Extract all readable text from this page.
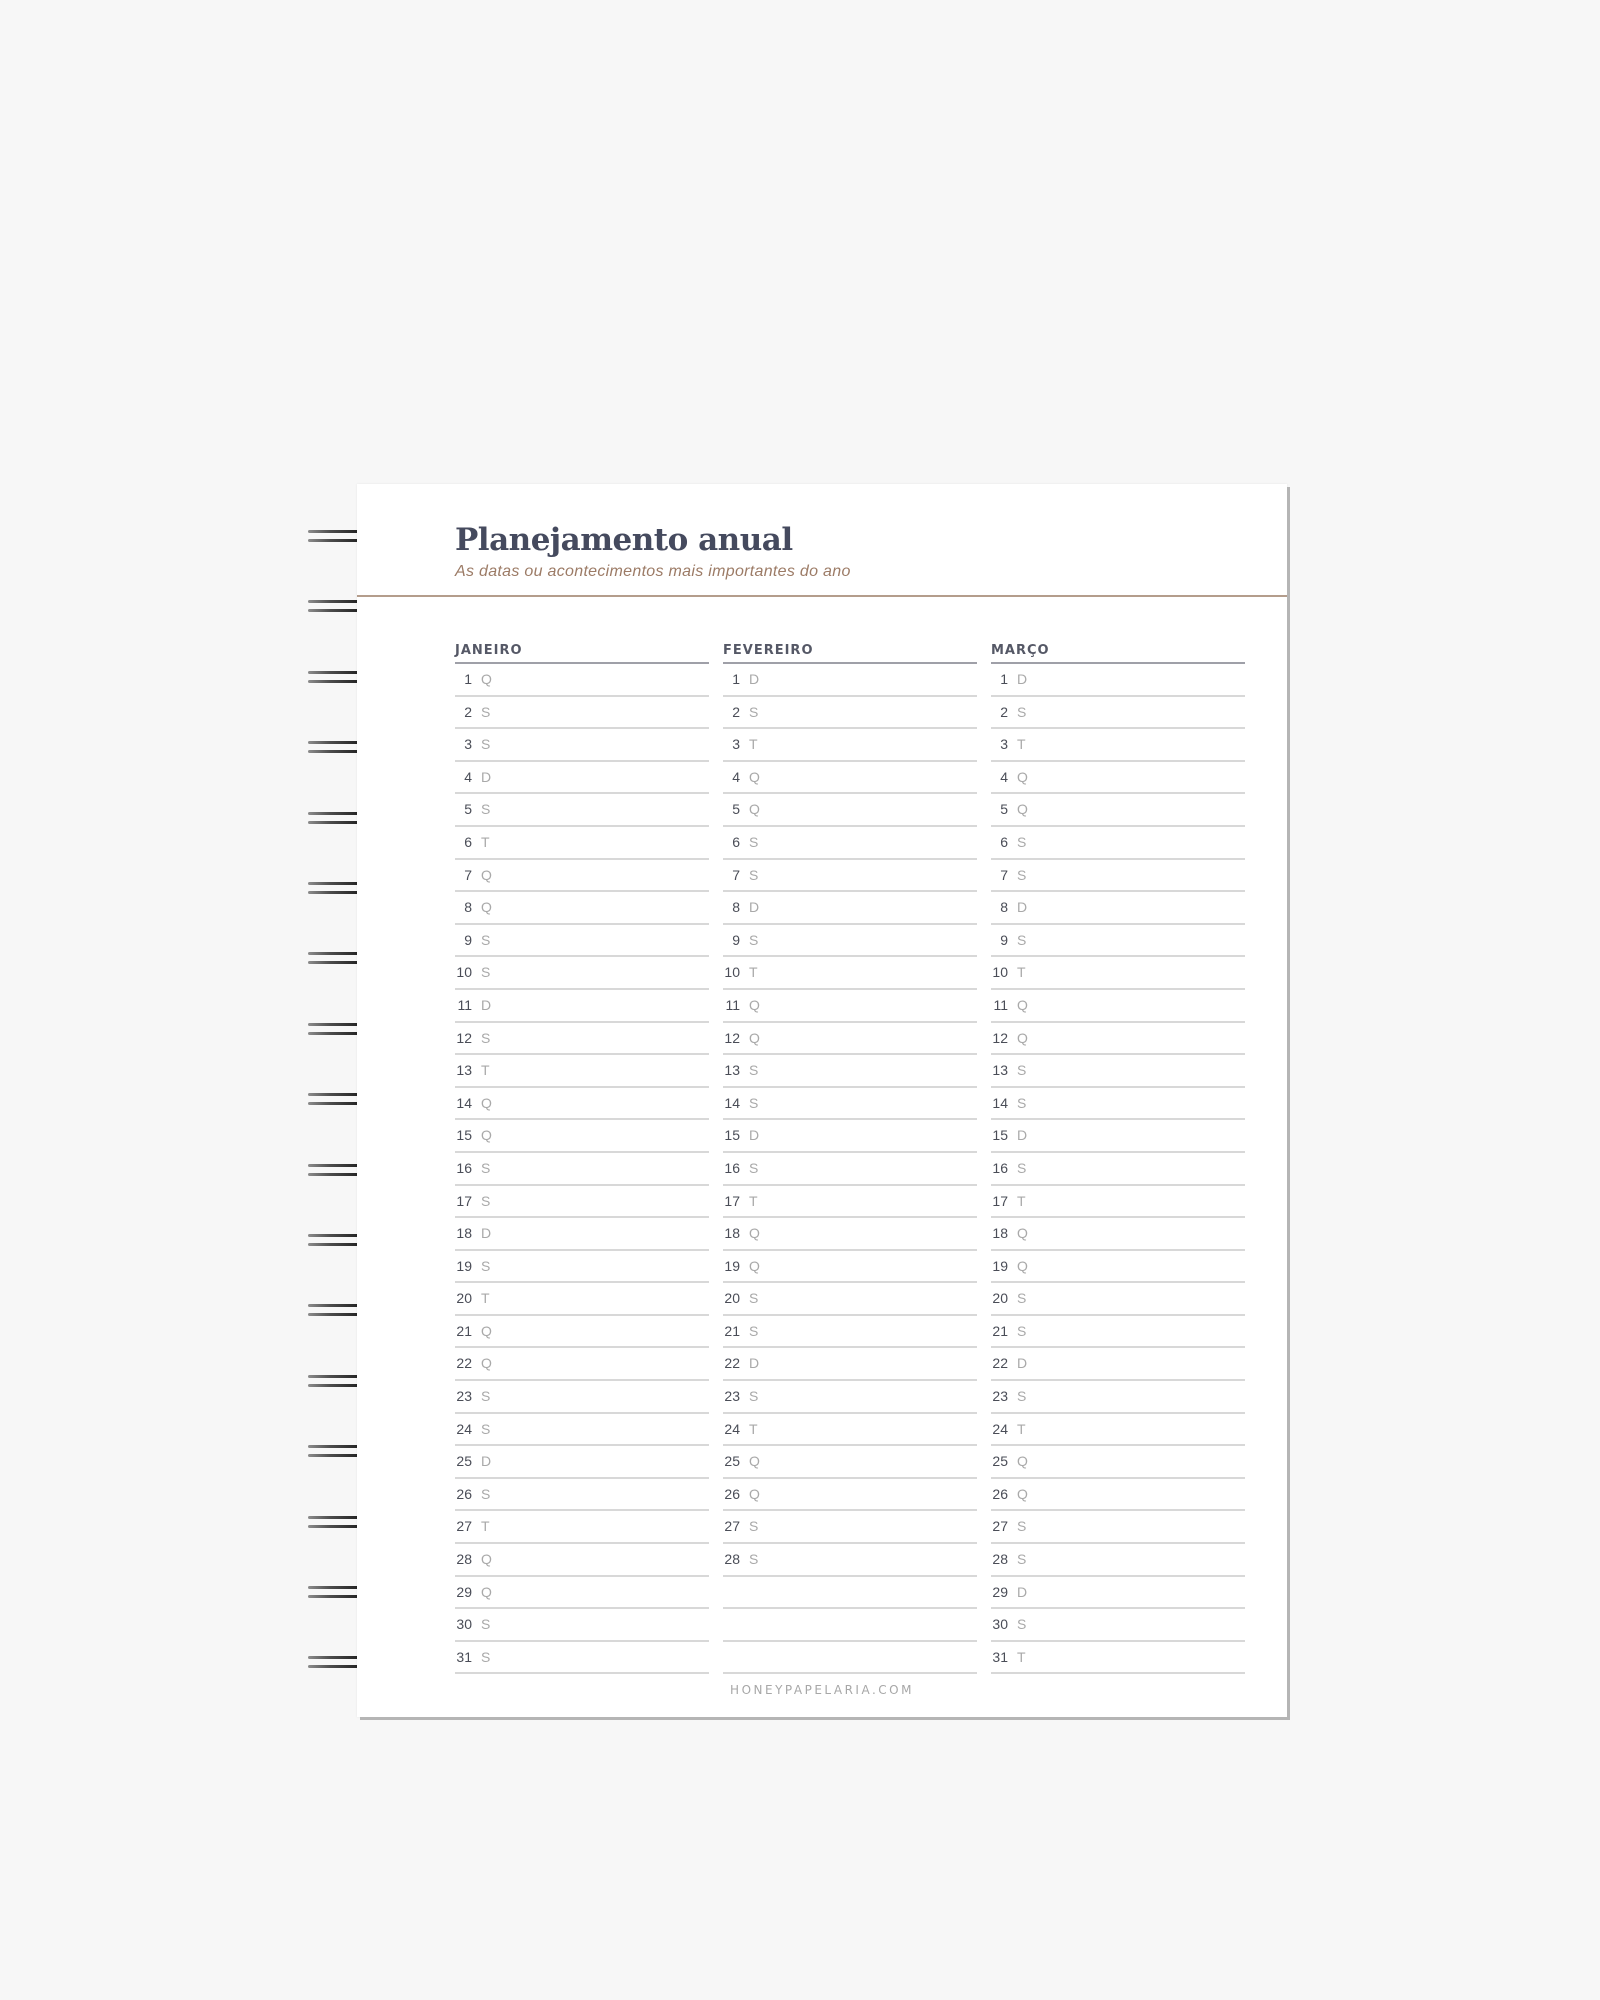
Planejamento anual
As datas ou acontecimentos mais importantes do ano
JANEIRO
1 Q
2 S
3 S
4 D
5 S
6 T
7 Q
8 Q
9 S
10 S
11 D
12 S
13 T
14 Q
15 Q
16 S
17 S
18 D
19 S
20 T
21 Q
22 Q
23 S
24 S
25 D
26 S
27 T
28 Q
29 Q
30 S
31 S
FEVEREIRO
1 D
2 S
3 T
4 Q
5 Q
6 S
7 S
8 D
9 S
10 T
11 Q
12 Q
13 S
14 S
15 D
16 S
17 T
18 Q
19 Q
20 S
21 S
22 D
23 S
24 T
25 Q
26 Q
27 S
28 S
MARÇO
1 D
2 S
3 T
4 Q
5 Q
6 S
7 S
8 D
9 S
10 T
11 Q
12 Q
13 S
14 S
15 D
16 S
17 T
18 Q
19 Q
20 S
21 S
22 D
23 S
24 T
25 Q
26 Q
27 S
28 S
29 D
30 S
31 T
HONEYPAPELARIA.COM
